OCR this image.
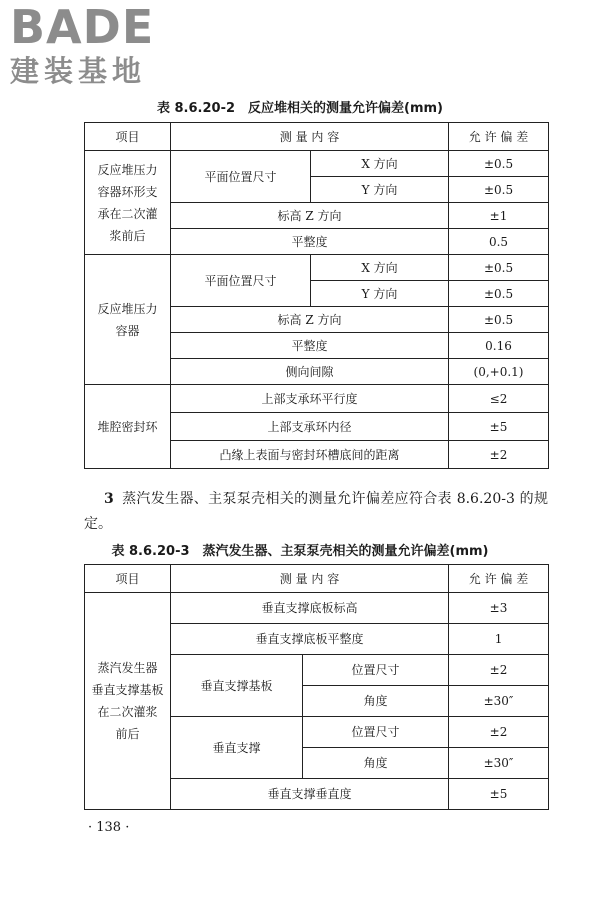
BADE
建装基地
表 8.6.20-2　反应堆相关的测量允许偏差(mm)
项目	测 量 内 容		允 许 偏 差

反应堆压力
容器环形支
承在二次灌
浆前后	平面位置尺寸	X 方向	±0.5
		Y 方向	±0.5
	标高 Z 方向		±1
	平整度		0.5

反应堆压力
容器	平面位置尺寸	X 方向	±0.5
		Y 方向	±0.5
	标高 Z 方向		±0.5
	平整度		0.16
	侧向间隙		(0,+0.1)

堆腔密封环	上部支承环平行度		≤2
	上部支承环内径		±5
	凸缘上表面与密封环槽底间的距离		±2
3 蒸汽发生器、主泵泵壳相关的测量允许偏差应符合表 8.6.20-3 的规定。
表 8.6.20-3　蒸汽发生器、主泵泵壳相关的测量允许偏差(mm)
项目	测 量 内 容		允 许 偏 差

蒸汽发生器
垂直支撑基板
在二次灌浆
前后	垂直支撑底板标高		±3
	垂直支撑底板平整度		1
	垂直支撑基板	位置尺寸	±2
		角度	±30″
	垂直支撑	位置尺寸	±2
		角度	±30″
	垂直支撑垂直度		±5
· 138 ·
